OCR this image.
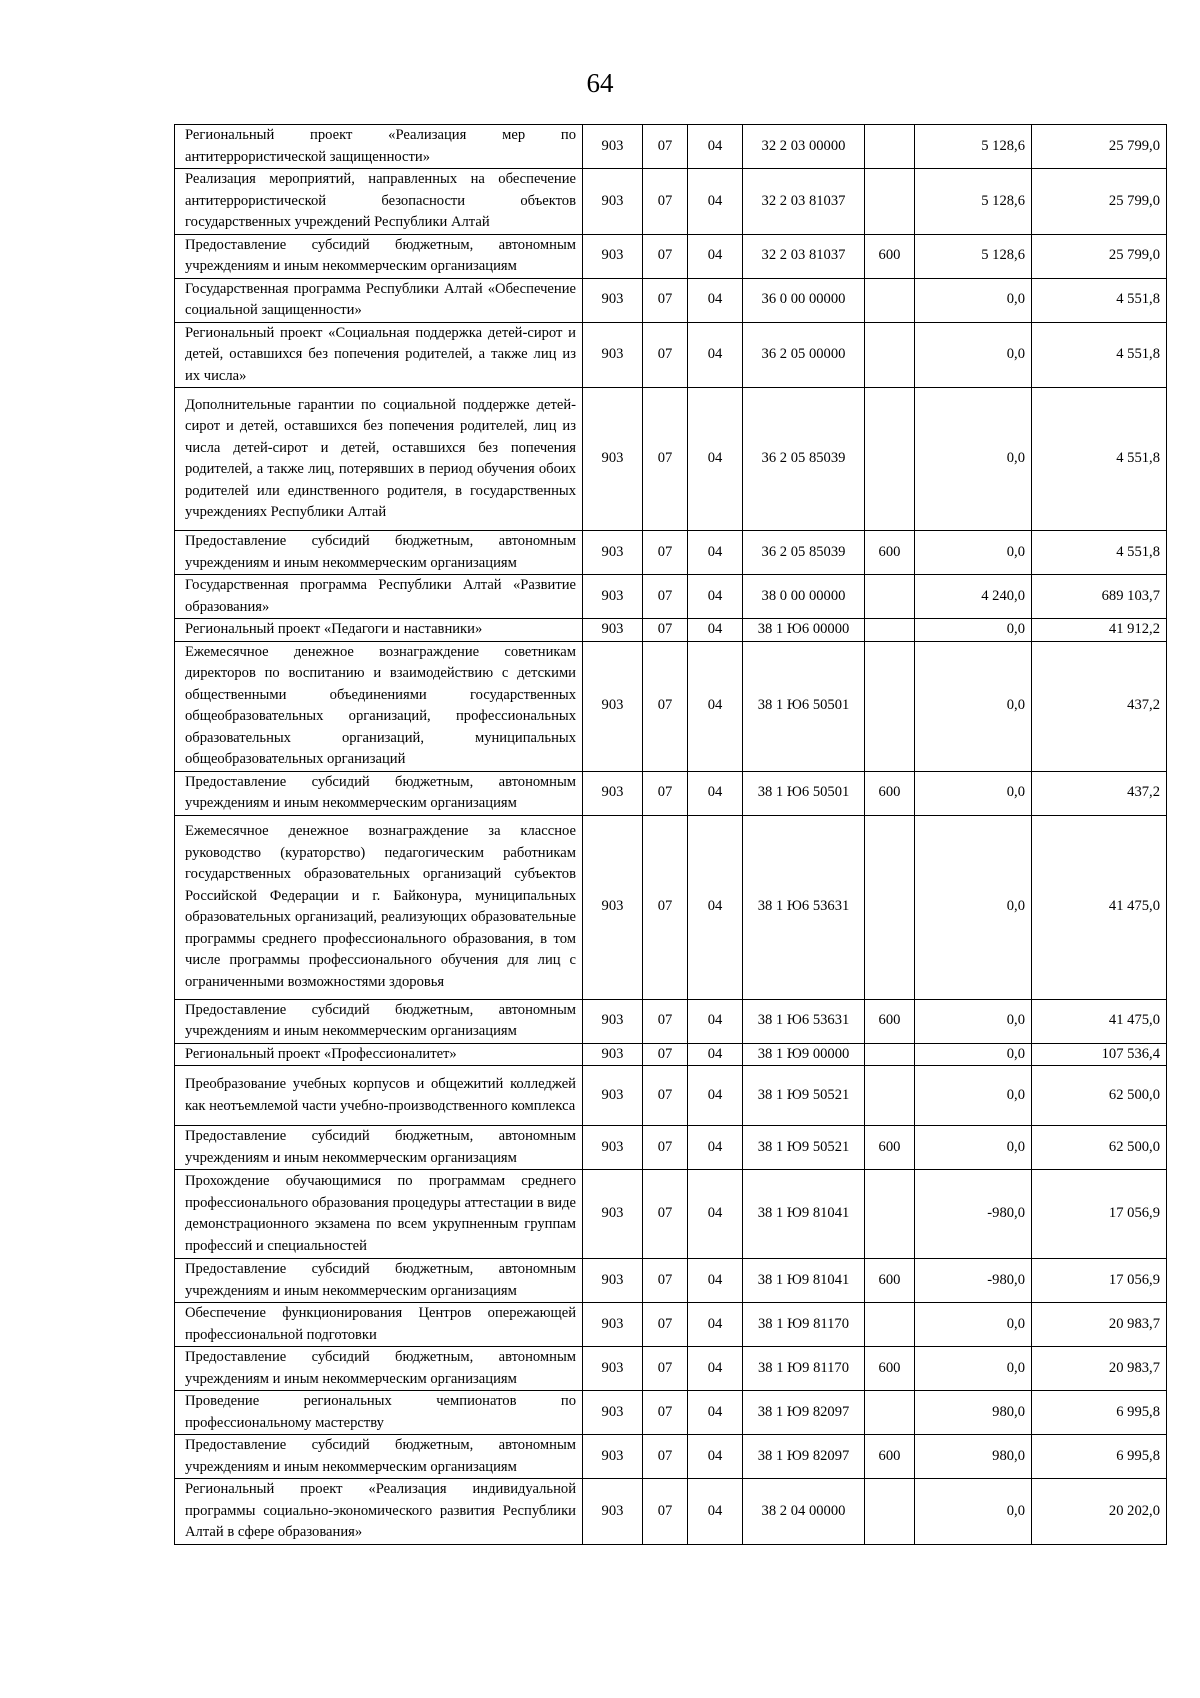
64
Региональный проект «Реализация мер по антитеррористической защищенности»	903	07	04	32 2 03 00000		5 128,6	25 799,0
Реализация мероприятий, направленных на обеспечение антитеррористической безопасности объектов государственных учреждений Республики Алтай	903	07	04	32 2 03 81037		5 128,6	25 799,0
Предоставление субсидий бюджетным, автономным учреждениям и иным некоммерческим организациям	903	07	04	32 2 03 81037	600	5 128,6	25 799,0
Государственная программа Республики Алтай «Обеспечение социальной защищенности»	903	07	04	36 0 00 00000		0,0	4 551,8
Региональный проект «Социальная поддержка детей-сирот и детей, оставшихся без попечения родителей, а также лиц из их числа»	903	07	04	36 2 05 00000		0,0	4 551,8
Дополнительные гарантии по социальной поддержке детей-сирот и детей, оставшихся без попечения родителей, лиц из числа детей-сирот и детей, оставшихся без попечения родителей, а также лиц, потерявших в период обучения обоих родителей или единственного родителя, в государственных учреждениях Республики Алтай	903	07	04	36 2 05 85039		0,0	4 551,8
Предоставление субсидий бюджетным, автономным учреждениям и иным некоммерческим организациям	903	07	04	36 2 05 85039	600	0,0	4 551,8
Государственная программа Республики Алтай «Развитие образования»	903	07	04	38 0 00 00000		4 240,0	689 103,7
Региональный проект «Педагоги и наставники»	903	07	04	38 1 Ю6 00000		0,0	41 912,2
Ежемесячное денежное вознаграждение советникам директоров по воспитанию и взаимодействию с детскими общественными объединениями государственных общеобразовательных организаций, профессиональных образовательных организаций, муниципальных общеобразовательных организаций	903	07	04	38 1 Ю6 50501		0,0	437,2
Предоставление субсидий бюджетным, автономным учреждениям и иным некоммерческим организациям	903	07	04	38 1 Ю6 50501	600	0,0	437,2
Ежемесячное денежное вознаграждение за классное руководство (кураторство) педагогическим работникам государственных образовательных организаций субъектов Российской Федерации и г. Байконура, муниципальных образовательных организаций, реализующих образовательные программы среднего профессионального образования, в том числе программы профессионального обучения для лиц с ограниченными возможностями здоровья	903	07	04	38 1 Ю6 53631		0,0	41 475,0
Предоставление субсидий бюджетным, автономным учреждениям и иным некоммерческим организациям	903	07	04	38 1 Ю6 53631	600	0,0	41 475,0
Региональный проект «Профессионалитет»	903	07	04	38 1 Ю9 00000		0,0	107 536,4
Преобразование учебных корпусов и общежитий колледжей как неотъемлемой части учебно-производственного комплекса	903	07	04	38 1 Ю9 50521		0,0	62 500,0
Предоставление субсидий бюджетным, автономным учреждениям и иным некоммерческим организациям	903	07	04	38 1 Ю9 50521	600	0,0	62 500,0
Прохождение обучающимися по программам среднего профессионального образования процедуры аттестации в виде демонстрационного экзамена по всем укрупненным группам профессий и специальностей	903	07	04	38 1 Ю9 81041		-980,0	17 056,9
Предоставление субсидий бюджетным, автономным учреждениям и иным некоммерческим организациям	903	07	04	38 1 Ю9 81041	600	-980,0	17 056,9
Обеспечение функционирования Центров опережающей профессиональной подготовки	903	07	04	38 1 Ю9 81170		0,0	20 983,7
Предоставление субсидий бюджетным, автономным учреждениям и иным некоммерческим организациям	903	07	04	38 1 Ю9 81170	600	0,0	20 983,7
Проведение региональных чемпионатов по профессиональному мастерству	903	07	04	38 1 Ю9 82097		980,0	6 995,8
Предоставление субсидий бюджетным, автономным учреждениям и иным некоммерческим организациям	903	07	04	38 1 Ю9 82097	600	980,0	6 995,8
Региональный проект «Реализация индивидуальной программы социально-экономического развития Республики Алтай в сфере образования»	903	07	04	38 2 04 00000		0,0	20 202,0
